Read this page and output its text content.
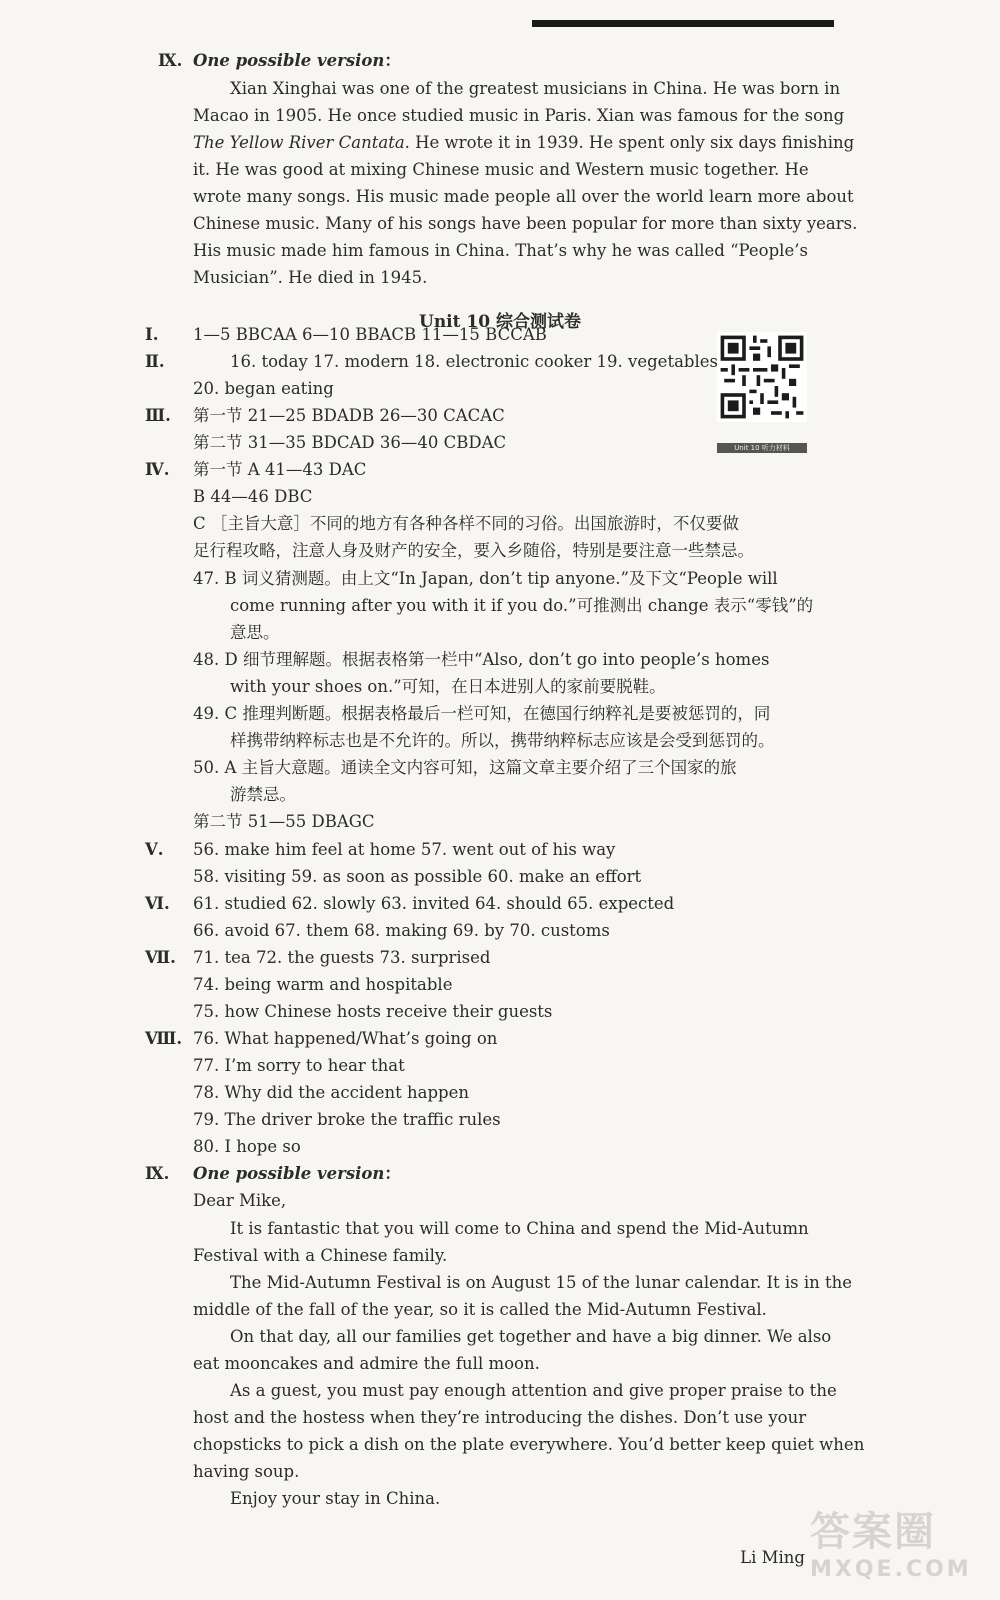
Ⅸ. One possible version：
Xian Xinghai was one of the greatest musicians in China. He was born in
Macao in 1905. He once studied music in Paris. Xian was famous for the song
The Yellow River Cantata. He wrote it in 1939. He spent only six days finishing
it. He was good at mixing Chinese music and Western music together. He
wrote many songs. His music made people all over the world learn more about
Chinese music. Many of his songs have been popular for more than sixty years.
His music made him famous in China. That’s why he was called “People’s
Musician”. He died in 1945.
Unit 10 综合测试卷
Unit 10 听力材料
Ⅰ. 1—5 BBCAA 6—10 BBACB 11—15 BCCAB
Ⅱ.	16. today 17. modern 18. electronic cooker 19. vegetables
20. began eating
Ⅲ. 第一节 21—25 BDADB 26—30 CACAC
第二节 31—35 BDCAD 36—40 CBDAC
Ⅳ. 第一节 A 41—43 DAC
B 44—46 DBC
C ［主旨大意］不同的地方有各种各样不同的习俗。出国旅游时，不仅要做
足行程攻略，注意人身及财产的安全，要入乡随俗，特别是要注意一些禁忌。
47. B 词义猜测题。由上文“In Japan, don’t tip anyone.”及下文“People will
come running after you with it if you do.”可推测出 change 表示“零钱”的
意思。
48. D 细节理解题。根据表格第一栏中“Also, don’t go into people’s homes
with your shoes on.”可知，在日本进别人的家前要脱鞋。
49. C 推理判断题。根据表格最后一栏可知，在德国行纳粹礼是要被惩罚的，同
样携带纳粹标志也是不允许的。所以，携带纳粹标志应该是会受到惩罚的。
50. A 主旨大意题。通读全文内容可知，这篇文章主要介绍了三个国家的旅
游禁忌。
第二节 51—55 DBAGC
Ⅴ. 56. make him feel at home 57. went out of his way
58. visiting 59. as soon as possible 60. make an effort
Ⅵ. 61. studied 62. slowly 63. invited 64. should 65. expected
66. avoid 67. them 68. making 69. by 70. customs
Ⅶ. 71. tea 72. the guests 73. surprised
74. being warm and hospitable
75. how Chinese hosts receive their guests
Ⅷ. 76. What happened/What’s going on
77. I’m sorry to hear that
78. Why did the accident happen
79. The driver broke the traffic rules
80. I hope so
Ⅸ. One possible version：
Dear Mike,
It is fantastic that you will come to China and spend the Mid-Autumn
Festival with a Chinese family.
The Mid-Autumn Festival is on August 15 of the lunar calendar. It is in the
middle of the fall of the year, so it is called the Mid-Autumn Festival.
On that day, all our families get together and have a big dinner. We also
eat mooncakes and admire the full moon.
As a guest, you must pay enough attention and give proper praise to the
host and the hostess when they’re introducing the dishes. Don’t use your
chopsticks to pick a dish on the plate everywhere. You’d better keep quiet when
having soup.
Enjoy your stay in China.
答案圈
MXQE.COM
Li Ming
